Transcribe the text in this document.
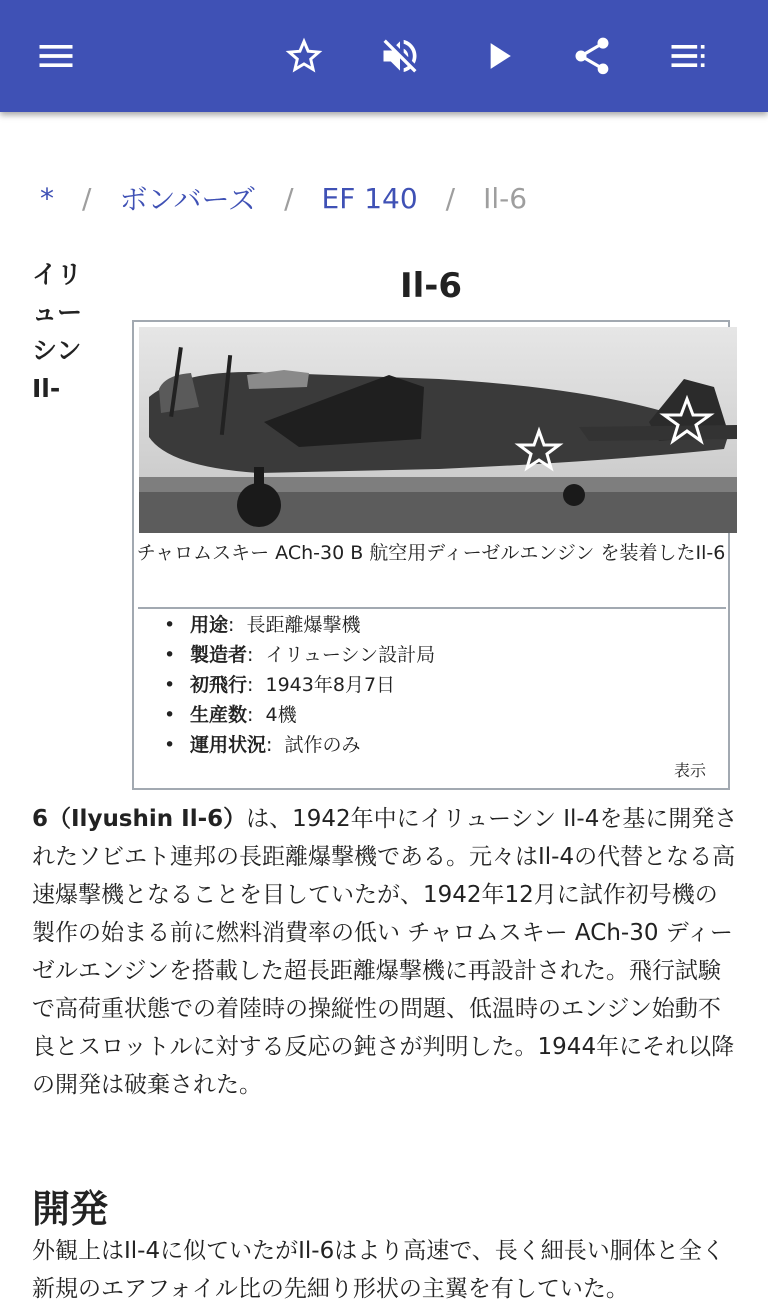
* / ボンバーズ / EF 140 / Il-6
イリ
ュー
シン
Il-
Il-6
チャロムスキー ACh-30 B 航空用ディーゼルエンジン を装着したIl-6
• 用途:  長距離爆撃機
• 製造者:  イリューシン設計局
• 初飛行:  1943年8月7日
• 生産数:  4機
• 運用状況:  試作のみ
表示
6（Ilyushin Il-6）は、1942年中にイリューシン Il-4を基に開発されたソビエト連邦の長距離爆撃機である。元々はIl-4の代替となる高速爆撃機となることを目していたが、1942年12月に試作初号機の製作の始まる前に燃料消費率の低い チャロムスキー ACh-30 ディーゼルエンジンを搭載した超長距離爆撃機に再設計された。飛行試験で高荷重状態での着陸時の操縦性の問題、低温時のエンジン始動不良とスロットルに対する反応の鈍さが判明した。1944年にそれ以降の開発は破棄された。
開発
外観上はIl-4に似ていたがIl-6はより高速で、長く細長い胴体と全く新規のエアフォイル比の先細り形状の主翼を有していた。
